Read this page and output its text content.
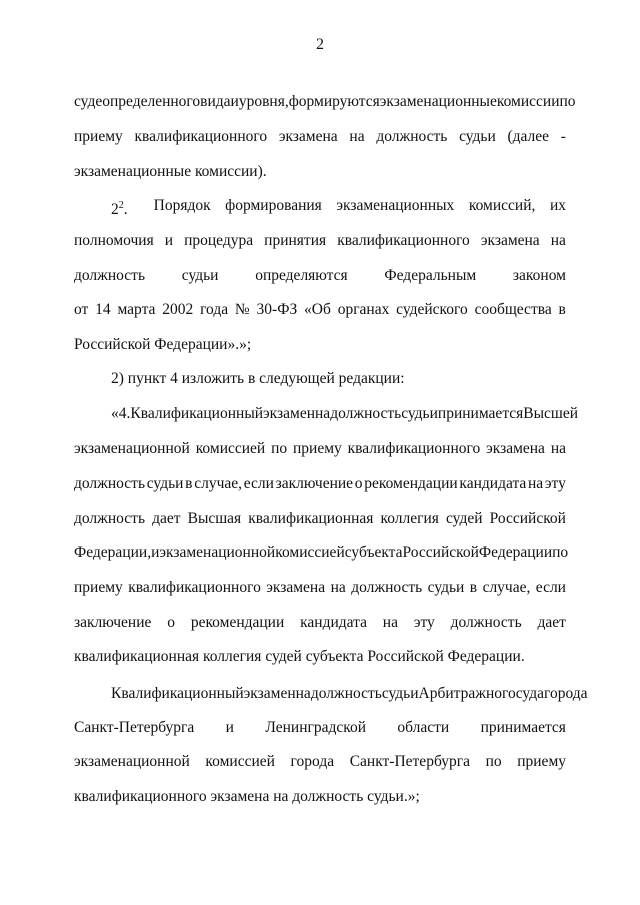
2
суде определенного вида и уровня, формируются экзаменационные комиссии по
приему квалификационного экзамена на должность судьи (далее -
экзаменационные комиссии).
$2^2$. Порядок формирования экзаменационных комиссий, их
полномочия и процедура принятия квалификационного экзамена на
должность судьи определяются Федеральным законом
от 14 марта 2002 года № 30-ФЗ «Об органах судейского сообщества в
Российской Федерации».»;
2) пункт 4 изложить в следующей редакции:
«4. Квалификационный экзамен на должность судьи принимается Высшей
экзаменационной комиссией по приему квалификационного экзамена на
должность судьи в случае, если заключение о рекомендации кандидата на эту
должность дает Высшая квалификационная коллегия судей Российской
Федерации, и экзаменационной комиссией субъекта Российской Федерации по
приему квалификационного экзамена на должность судьи в случае, если
заключение о рекомендации кандидата на эту должность дает
квалификационная коллегия судей субъекта Российской Федерации.
Квалификационный экзамен на должность судьи Арбитражного суда города
Санкт-Петербурга и Ленинградской области принимается
экзаменационной комиссией города Санкт-Петербурга по приему
квалификационного экзамена на должность судьи.»;
